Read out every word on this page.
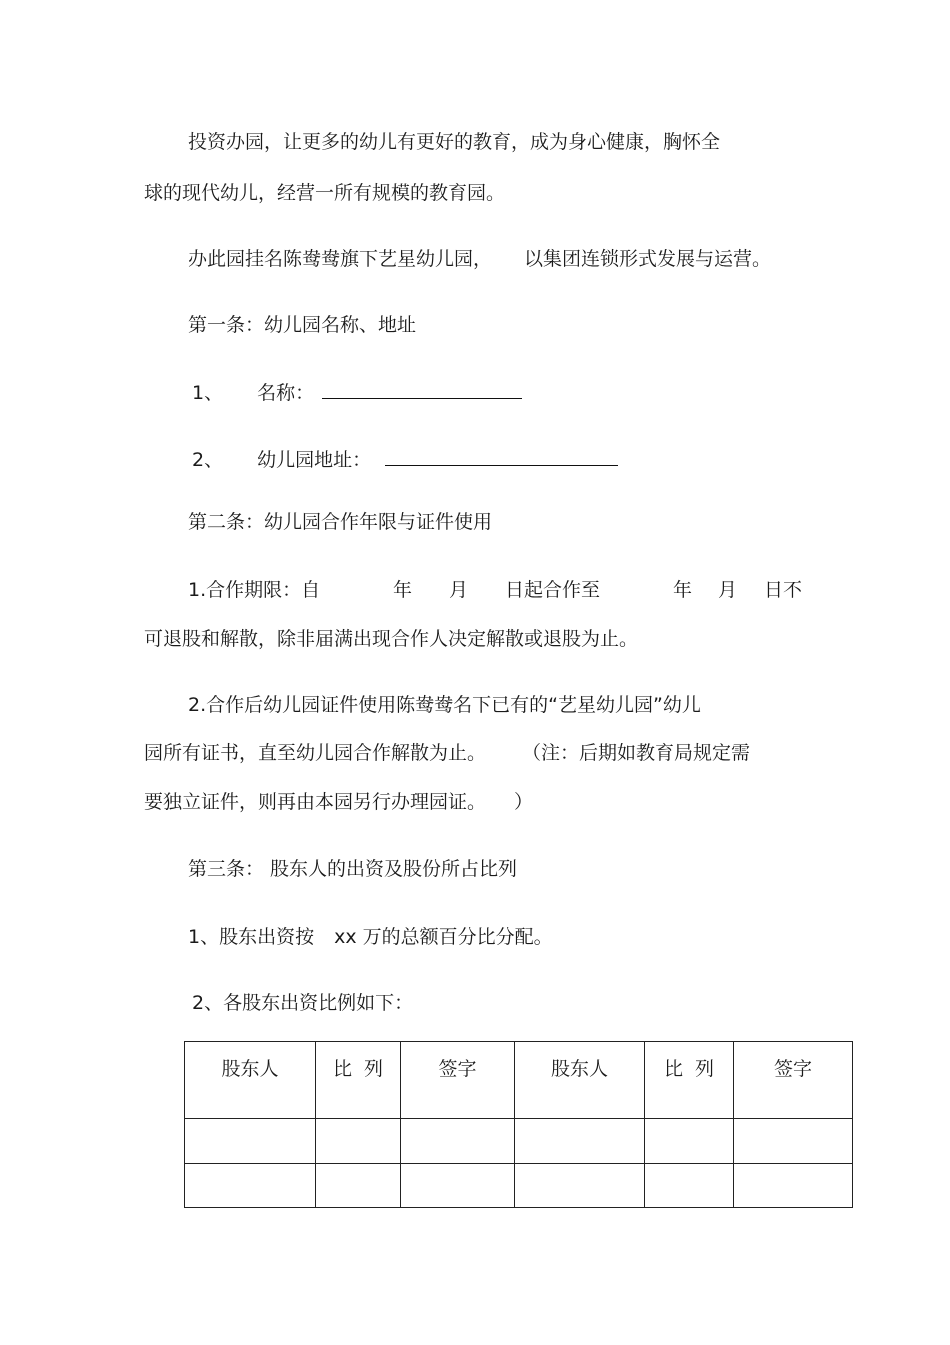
投资办园，让更多的幼儿有更好的教育，成为身心健康，胸怀全
球的现代幼儿，经营一所有规模的教育园。
办此园挂名陈鸯鸯旗下艺星幼儿园， 以集团连锁形式发展与运营。
第一条：幼儿园名称、地址
1、 名称：
2、 幼儿园地址：
第二条：幼儿园合作年限与证件使用
1.合作期限：自	年 月 日起合作至	年 月 日不
可退股和解散，除非届满出现合作人决定解散或退股为止。
2.合作后幼儿园证件使用陈鸯鸯名下已有的“艺星幼儿园”幼儿
园所有证书，直至幼儿园合作解散为止。 （注：后期如教育局规定需
要独立证件，则再由本园另行办理园证。 ）
第三条： 股东人的出资及股份所占比列
1、股东出资按 xx 万的总额百分比分配。
2、各股东出资比例如下：
股东人	比  列	签字	股东人	比  列	签字
